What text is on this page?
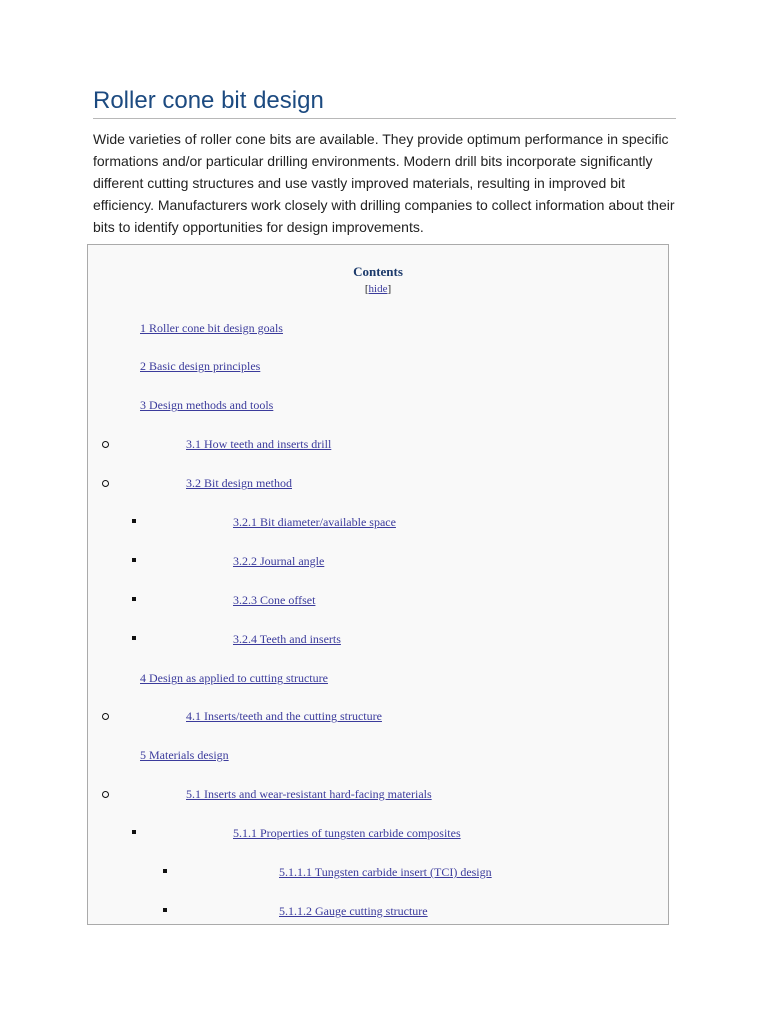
Roller cone bit design

Wide varieties of roller cone bits are available. They provide optimum performance in specific formations and/or particular drilling environments. Modern drill bits incorporate significantly different cutting structures and use vastly improved materials, resulting in improved bit efficiency. Manufacturers work closely with drilling companies to collect information about their bits to identify opportunities for design improvements.

Contents
[hide]
1 Roller cone bit design goals
2 Basic design principles
3 Design methods and tools
3.1 How teeth and inserts drill
3.2 Bit design method
3.2.1 Bit diameter/available space
3.2.2 Journal angle
3.2.3 Cone offset
3.2.4 Teeth and inserts
4 Design as applied to cutting structure
4.1 Inserts/teeth and the cutting structure
5 Materials design
5.1 Inserts and wear-resistant hard-facing materials
5.1.1 Properties of tungsten carbide composites
5.1.1.1 Tungsten carbide insert (TCI) design
5.1.1.2 Gauge cutting structure
